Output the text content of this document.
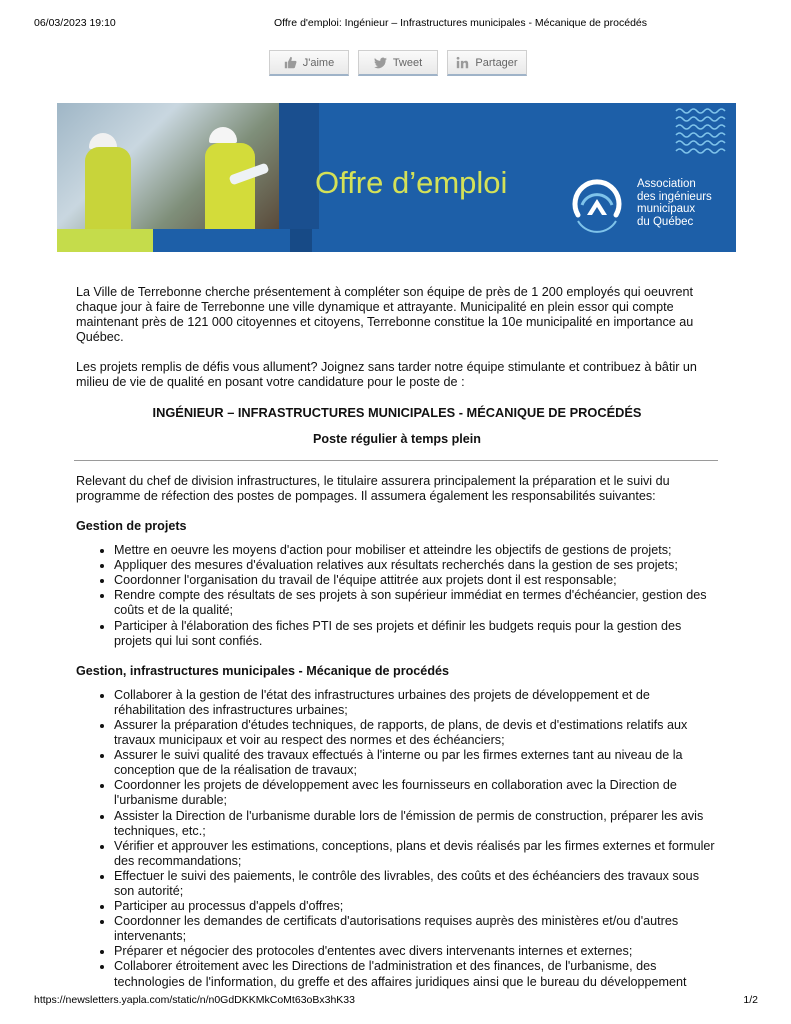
06/03/2023 19:10	Offre d'emploi: Ingénieur – Infrastructures municipales - Mécanique de procédés
J'aime	Tweet	Partager
Offre d’emploi	Association
des ingénieurs
municipaux
du Québec

La Ville de Terrebonne cherche présentement à compléter son équipe de près de 1 200 employés qui oeuvrent chaque jour à faire de Terrebonne une ville dynamique et attrayante. Municipalité en plein essor qui compte maintenant près de 121 000 citoyennes et citoyens, Terrebonne constitue la 10e municipalité en importance au Québec.

Les projets remplis de défis vous allument? Joignez sans tarder notre équipe stimulante et contribuez à bâtir un milieu de vie de qualité en posant votre candidature pour le poste de :

INGÉNIEUR – INFRASTRUCTURES MUNICIPALES - MÉCANIQUE DE PROCÉDÉS

Poste régulier à temps plein

Relevant du chef de division infrastructures, le titulaire assurera principalement la préparation et le suivi du programme de réfection des postes de pompages. Il assumera également les responsabilités suivantes:

Gestion de projets

• Mettre en oeuvre les moyens d'action pour mobiliser et atteindre les objectifs de gestions de projets;
• Appliquer des mesures d'évaluation relatives aux résultats recherchés dans la gestion de ses projets;
• Coordonner l'organisation du travail de l'équipe attitrée aux projets dont il est responsable;
• Rendre compte des résultats de ses projets à son supérieur immédiat en termes d'échéancier, gestion des coûts et de la qualité;
• Participer à l'élaboration des fiches PTI de ses projets et définir les budgets requis pour la gestion des projets qui lui sont confiés.

Gestion, infrastructures municipales - Mécanique de procédés

• Collaborer à la gestion de l'état des infrastructures urbaines des projets de développement et de réhabilitation des infrastructures urbaines;
• Assurer la préparation d'études techniques, de rapports, de plans, de devis et d'estimations relatifs aux travaux municipaux et voir au respect des normes et des échéanciers;
• Assurer le suivi qualité des travaux effectués à l'interne ou par les firmes externes tant au niveau de la conception que de la réalisation de travaux;
• Coordonner les projets de développement avec les fournisseurs en collaboration avec la Direction de l'urbanisme durable;
• Assister la Direction de l'urbanisme durable lors de l'émission de permis de construction, préparer les avis techniques, etc.;
• Vérifier et approuver les estimations, conceptions, plans et devis réalisés par les firmes externes et formuler des recommandations;
• Effectuer le suivi des paiements, le contrôle des livrables, des coûts et des échéanciers des travaux sous son autorité;
• Participer au processus d'appels d'offres;
• Coordonner les demandes de certificats d'autorisations requises auprès des ministères et/ou d'autres intervenants;
• Préparer et négocier des protocoles d'ententes avec divers intervenants internes et externes;
• Collaborer étroitement avec les Directions de l'administration et des finances, de l'urbanisme, des technologies de l'information, du greffe et des affaires juridiques ainsi que le bureau du développement
https://newsletters.yapla.com/static/n/n0GdDKKMkCoMt63oBx3hK33	1/2
